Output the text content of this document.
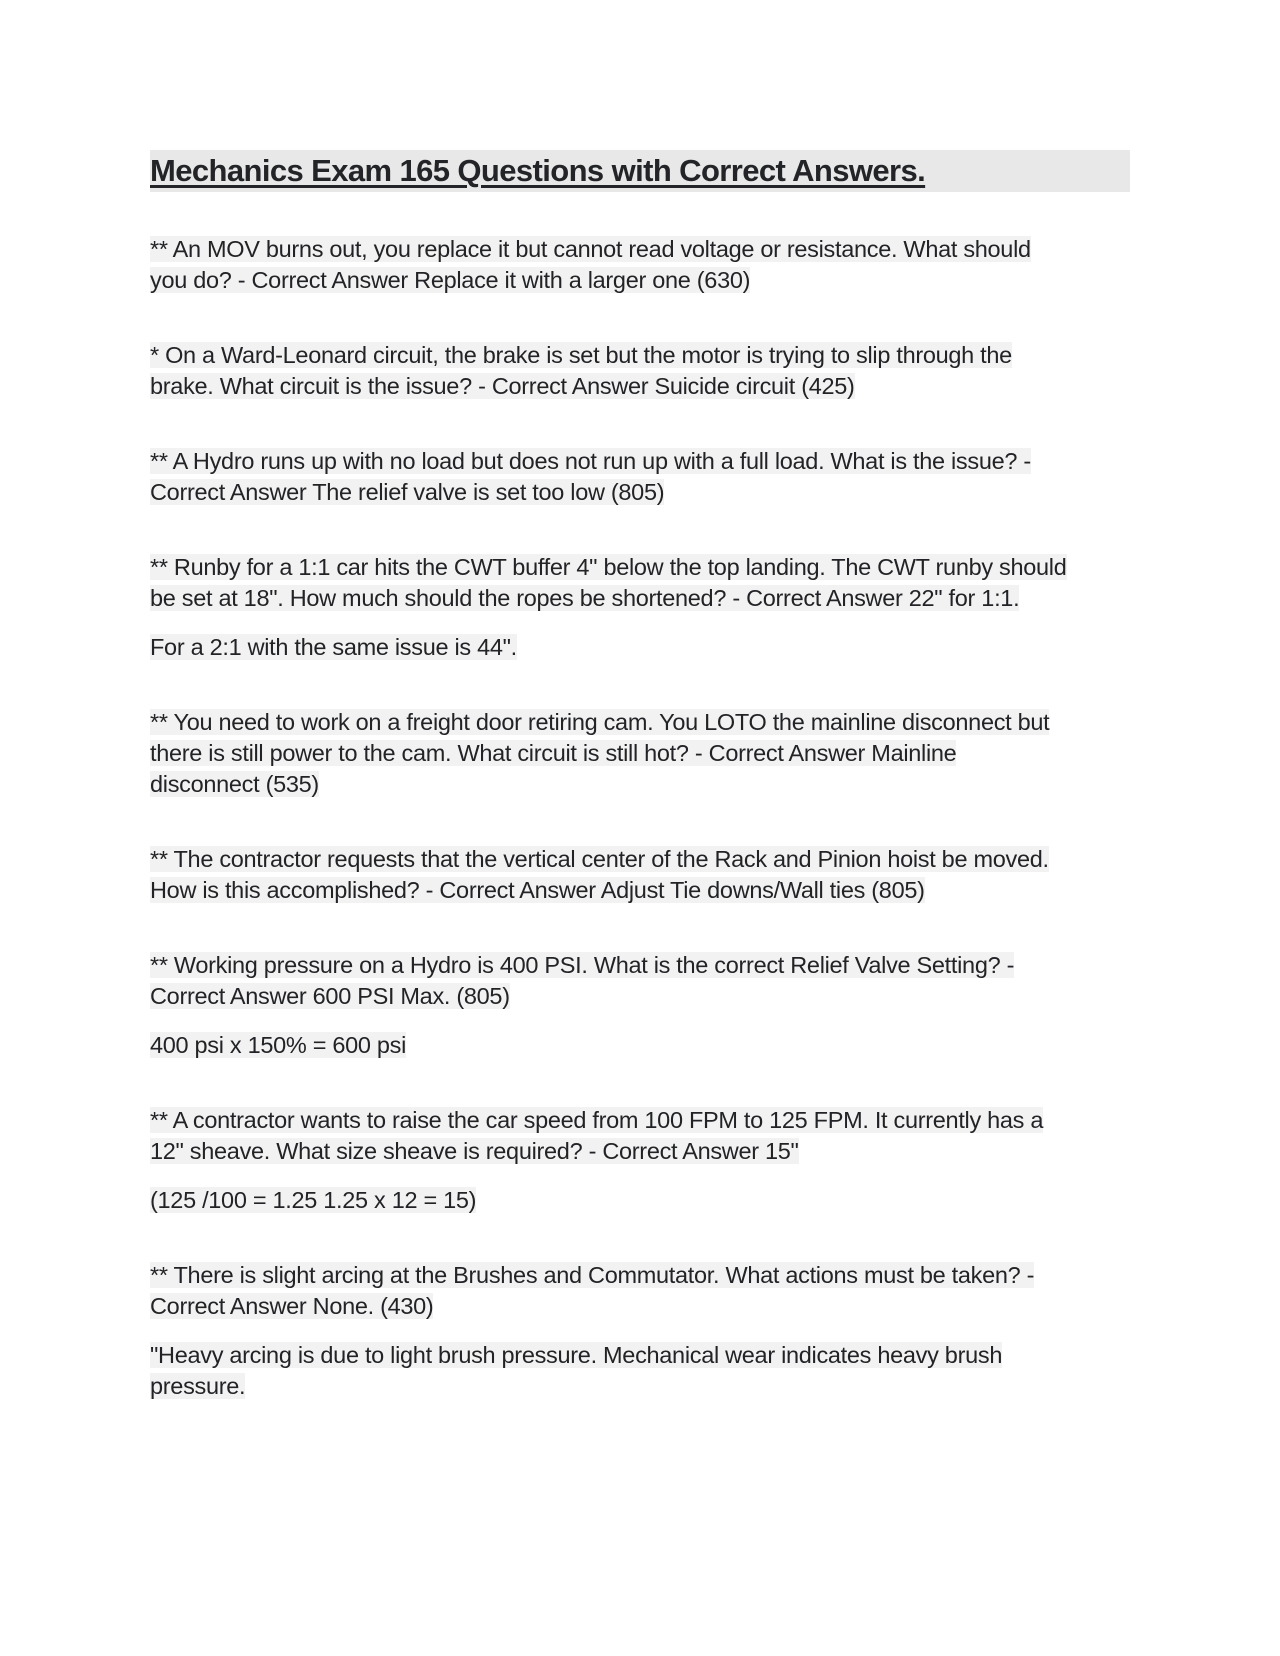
Mechanics Exam 165 Questions with Correct Answers.
** An MOV burns out, you replace it but cannot read voltage or resistance. What should
you do? - Correct Answer Replace it with a larger one (630)
* On a Ward-Leonard circuit, the brake is set but the motor is trying to slip through the
brake. What circuit is the issue? - Correct Answer Suicide circuit (425)
** A Hydro runs up with no load but does not run up with a full load. What is the issue? -
Correct Answer The relief valve is set too low (805)
** Runby for a 1:1 car hits the CWT buffer 4" below the top landing. The CWT runby should
be set at 18". How much should the ropes be shortened? - Correct Answer 22" for 1:1.
For a 2:1 with the same issue is 44".
** You need to work on a freight door retiring cam. You LOTO the mainline disconnect but
there is still power to the cam. What circuit is still hot? - Correct Answer Mainline
disconnect (535)
** The contractor requests that the vertical center of the Rack and Pinion hoist be moved.
How is this accomplished? - Correct Answer Adjust Tie downs/Wall ties (805)
** Working pressure on a Hydro is 400 PSI. What is the correct Relief Valve Setting? -
Correct Answer 600 PSI Max. (805)
400 psi x 150% = 600 psi
** A contractor wants to raise the car speed from 100 FPM to 125 FPM. It currently has a
12" sheave. What size sheave is required? - Correct Answer 15"
(125 /100 = 1.25 1.25 x 12 = 15)
** There is slight arcing at the Brushes and Commutator. What actions must be taken? -
Correct Answer None. (430)
"Heavy arcing is due to light brush pressure. Mechanical wear indicates heavy brush
pressure.
